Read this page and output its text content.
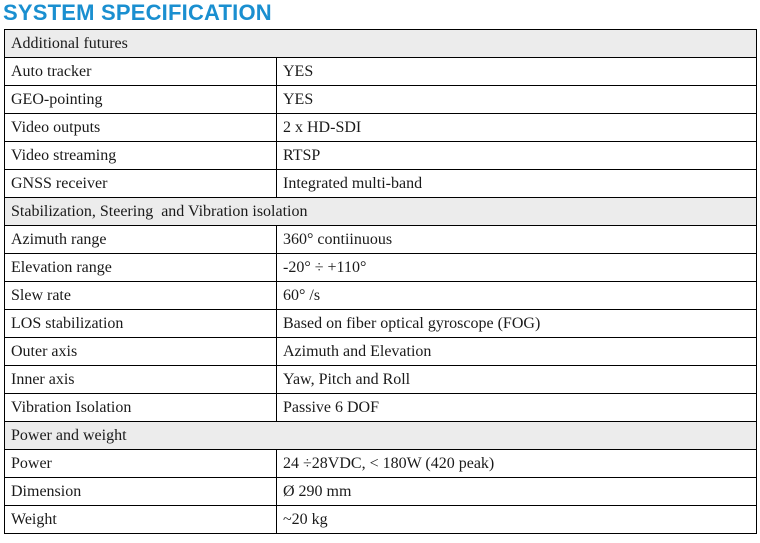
SYSTEM SPECIFICATION
Additional futures	
Auto tracker	YES
GEO-pointing	YES
Video outputs	2 x HD-SDI
Video streaming	RTSP
GNSS receiver	Integrated multi-band
Stabilization, Steering  and Vibration isolation	
Azimuth range	360° contiinuous
Elevation range	-20° ÷ +110°
Slew rate	60° /s
LOS stabilization	Based on fiber optical gyroscope (FOG)
Outer axis	Azimuth and Elevation
Inner axis	Yaw, Pitch and Roll
Vibration Isolation	Passive 6 DOF
Power and weight	
Power	24 ÷28VDC, < 180W (420 peak)
Dimension	Ø 290 mm
Weight	~20 kg
